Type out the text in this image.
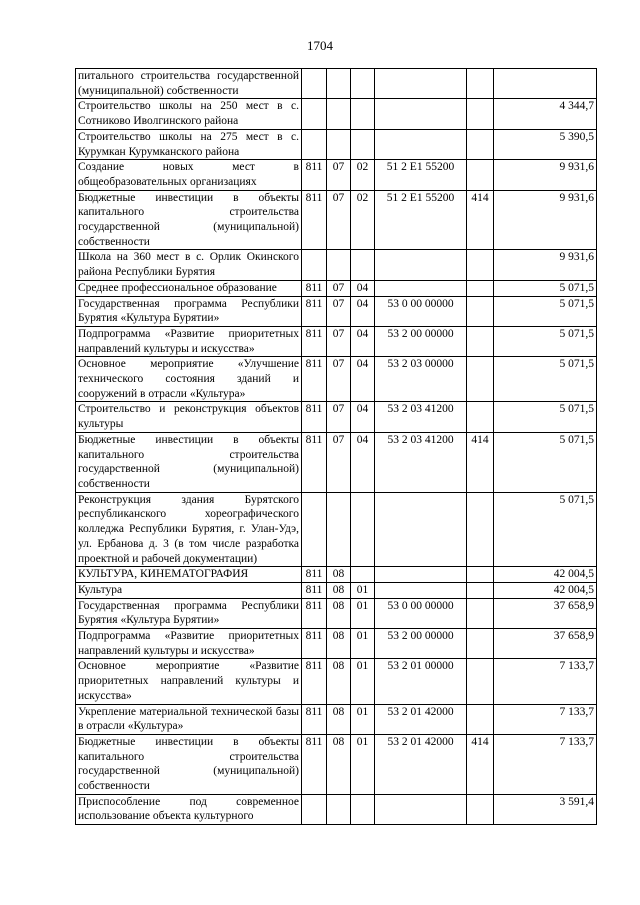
1704
питального строительства государственной (муниципальной) собственности						
Строительство школы на 250 мест в с. Сотниково Иволгинского района						4 344,7
Строительство школы на 275 мест в с. Курумкан Курумканского района						5 390,5
Создание новых мест в общеобразовательных организациях	811	07	02	51 2 E1 55200		9 931,6
Бюджетные инвестиции в объекты капитального строительства государственной (муниципальной) собственности	811	07	02	51 2 E1 55200	414	9 931,6
Школа на 360 мест в с. Орлик Окинского района Республики Бурятия						9 931,6
Среднее профессиональное образование	811	07	04			5 071,5
Государственная программа Республики Бурятия «Культура Бурятии»	811	07	04	53 0 00 00000		5 071,5
Подпрограмма «Развитие приоритетных направлений культуры и искусства»	811	07	04	53 2 00 00000		5 071,5
Основное мероприятие «Улучшение технического состояния зданий и сооружений в отрасли «Культура»	811	07	04	53 2 03 00000		5 071,5
Строительство и реконструкция объектов культуры	811	07	04	53 2 03 41200		5 071,5
Бюджетные инвестиции в объекты капитального строительства государственной (муниципальной) собственности	811	07	04	53 2 03 41200	414	5 071,5
Реконструкция здания Бурятского республиканского хореографического колледжа Республики Бурятия, г. Улан-Удэ, ул. Ербанова д. 3 (в том числе разработка проектной и рабочей документации)						5 071,5
КУЛЬТУРА, КИНЕМАТОГРАФИЯ	811	08				42 004,5
Культура	811	08	01			42 004,5
Государственная программа Республики Бурятия «Культура Бурятии»	811	08	01	53 0 00 00000		37 658,9
Подпрограмма «Развитие приоритетных направлений культуры и искусства»	811	08	01	53 2 00 00000		37 658,9
Основное мероприятие «Развитие приоритетных направлений культуры и искусства»	811	08	01	53 2 01 00000		7 133,7
Укрепление материальной технической базы в отрасли «Культура»	811	08	01	53 2 01 42000		7 133,7
Бюджетные инвестиции в объекты капитального строительства государственной (муниципальной) собственности	811	08	01	53 2 01 42000	414	7 133,7
Приспособление под современное использование объекта культурного						3 591,4
